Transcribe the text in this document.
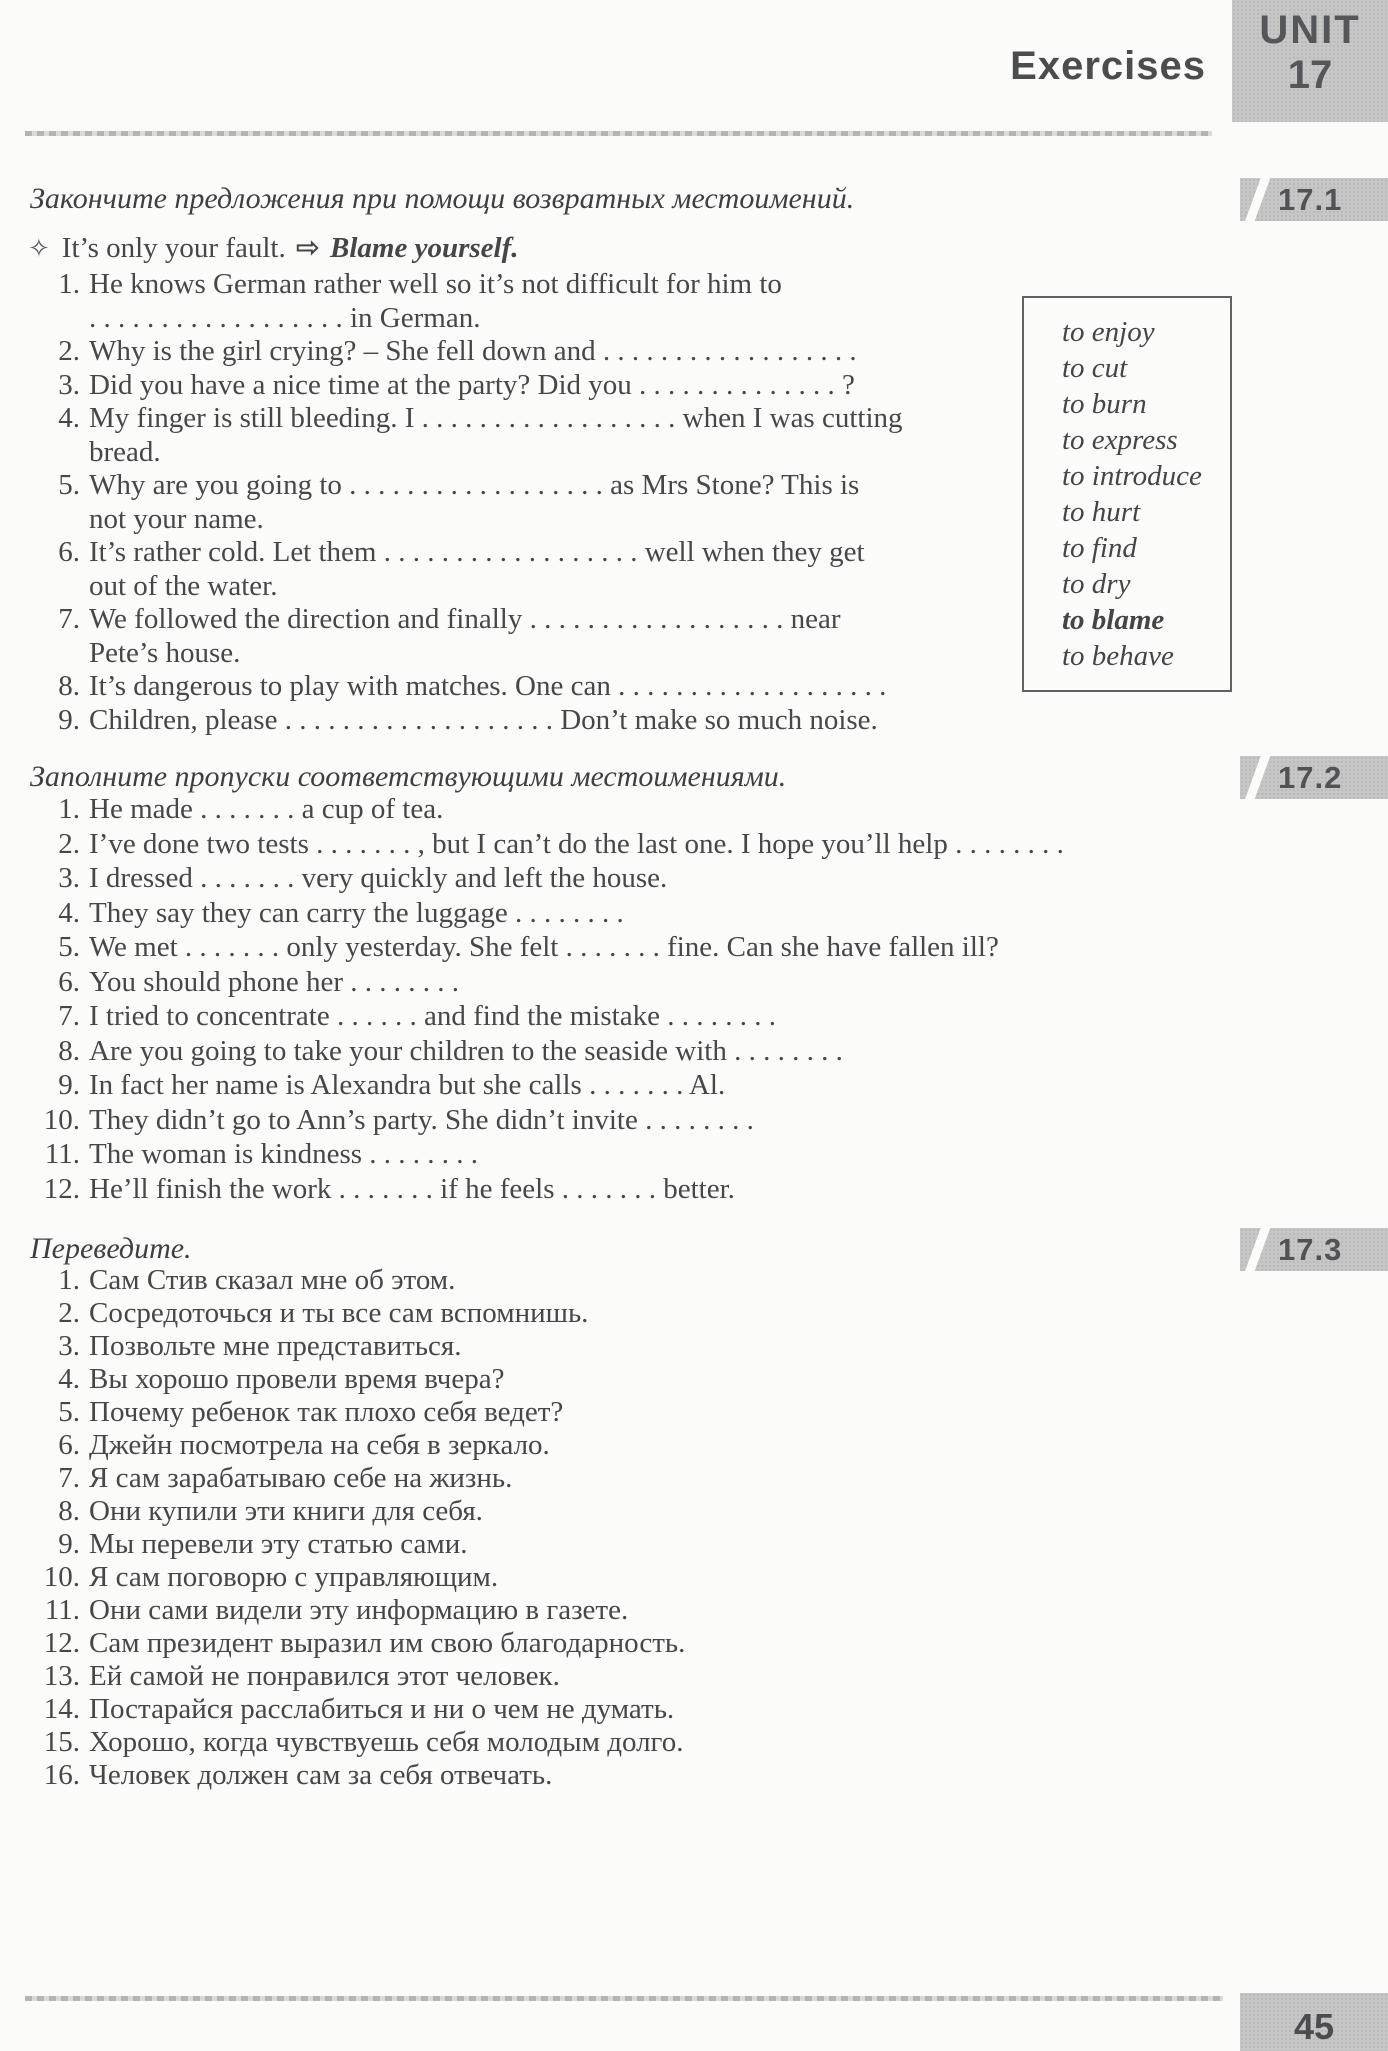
Exercises
UNIT
17
Закончите предложения при помощи возвратных местоимений.	17.1
✧ It’s only your fault. ⇨ Blame yourself.
1. He knows German rather well so it’s not difficult for him to
. . . . . . . . . . . . . . . . . . in German.
2. Why is the girl crying? – She fell down and . . . . . . . . . . . . . . . . . .
3. Did you have a nice time at the party? Did you . . . . . . . . . . . . . . ?
4. My finger is still bleeding. I . . . . . . . . . . . . . . . . . . when I was cutting
bread.
5. Why are you going to . . . . . . . . . . . . . . . . . . as Mrs Stone? This is
not your name.
6. It’s rather cold. Let them . . . . . . . . . . . . . . . . . . well when they get
out of the water.
7. We followed the direction and finally . . . . . . . . . . . . . . . . . . near
Pete’s house.
8. It’s dangerous to play with matches. One can . . . . . . . . . . . . . . . . . . .
9. Children, please . . . . . . . . . . . . . . . . . . . Don’t make so much noise.
to enjoy
to cut
to burn
to express
to introduce
to hurt
to find
to dry
to blame
to behave
Заполните пропуски соответствующими местоимениями.	17.2
1. He made . . . . . . . a cup of tea.
2. I’ve done two tests . . . . . . . , but I can’t do the last one. I hope you’ll help . . . . . . . .
3. I dressed . . . . . . . very quickly and left the house.
4. They say they can carry the luggage . . . . . . . .
5. We met . . . . . . . only yesterday. She felt . . . . . . . fine. Can she have fallen ill?
6. You should phone her . . . . . . . .
7. I tried to concentrate . . . . . . and find the mistake . . . . . . . .
8. Are you going to take your children to the seaside with . . . . . . . .
9. In fact her name is Alexandra but she calls . . . . . . . Al.
10. They didn’t go to Ann’s party. She didn’t invite . . . . . . . .
11. The woman is kindness . . . . . . . .
12. He’ll finish the work . . . . . . . if he feels . . . . . . . better.
Переведите.	17.3
1. Сам Стив сказал мне об этом.
2. Сосредоточься и ты все сам вспомнишь.
3. Позвольте мне представиться.
4. Вы хорошо провели время вчера?
5. Почему ребенок так плохо себя ведет?
6. Джейн посмотрела на себя в зеркало.
7. Я сам зарабатываю себе на жизнь.
8. Они купили эти книги для себя.
9. Мы перевели эту статью сами.
10. Я сам поговорю с управляющим.
11. Они сами видели эту информацию в газете.
12. Сам президент выразил им свою благодарность.
13. Ей самой не понравился этот человек.
14. Постарайся расслабиться и ни о чем не думать.
15. Хорошо, когда чувствуешь себя молодым долго.
16. Человек должен сам за себя отвечать.
45
